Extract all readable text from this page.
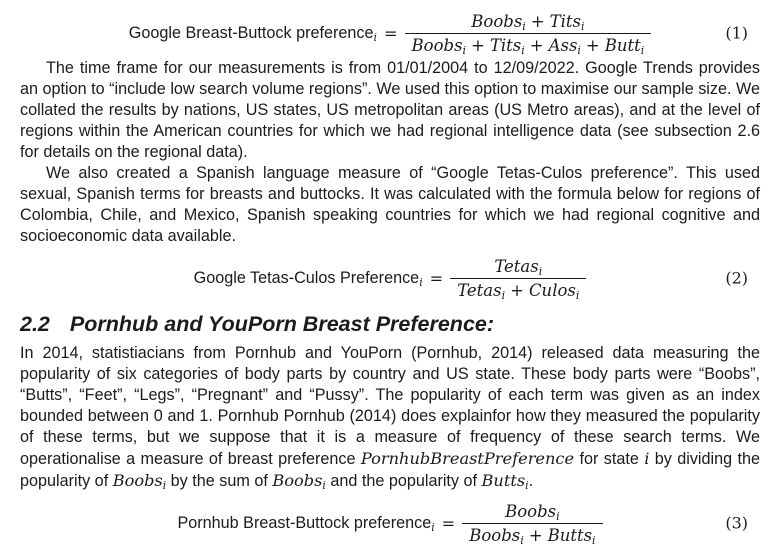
Google Breast-Buttock preference$_i$ = $\frac{Boobs_i + Tits_i}{Boobs_i + Tits_i + Ass_i + Butt_i}$	(1)

The time frame for our measurements is from 01/01/2004 to 12/09/2022. Google Trends provides an option to “include low search volume regions”. We used this option to maximise our sample size. We collated the results by nations, US states, US metropolitan areas (US Metro areas), and at the level of regions within the American countries for which we had regional intelligence data (see subsection 2.6 for details on the regional data).

We also created a Spanish language measure of “Google Tetas-Culos preference”. This used sexual, Spanish terms for breasts and buttocks. It was calculated with the formula below for regions of Colombia, Chile, and Mexico, Spanish speaking countries for which we had regional cognitive and socioeconomic data available.

Google Tetas-Culos Preference$_i$ = $\frac{Tetas_i}{Tetas_i + Culos_i}$	(2)
2.2 Pornhub and YouPorn Breast Preference:

In 2014, statistiacians from Pornhub and YouPorn (Pornhub, 2014) released data measuring the popularity of six categories of body parts by country and US state. These body parts were “Boobs”, “Butts”, “Feet”, “Legs”, “Pregnant” and “Pussy”. The popularity of each term was given as an index bounded between 0 and 1. Pornhub Pornhub (2014) does explainfor how they measured the popularity of these terms, but we suppose that it is a measure of frequency of these search terms. We operationalise a measure of breast preference PornhubBreastPreference for state i by dividing the popularity of Boobs$_i$ by the sum of Boobs$_i$ and the popularity of Butts$_i$.

Pornhub Breast-Buttock preference$_i$ = $\frac{Boobs_i}{Boobs_i + Butts_i}$	(3)
